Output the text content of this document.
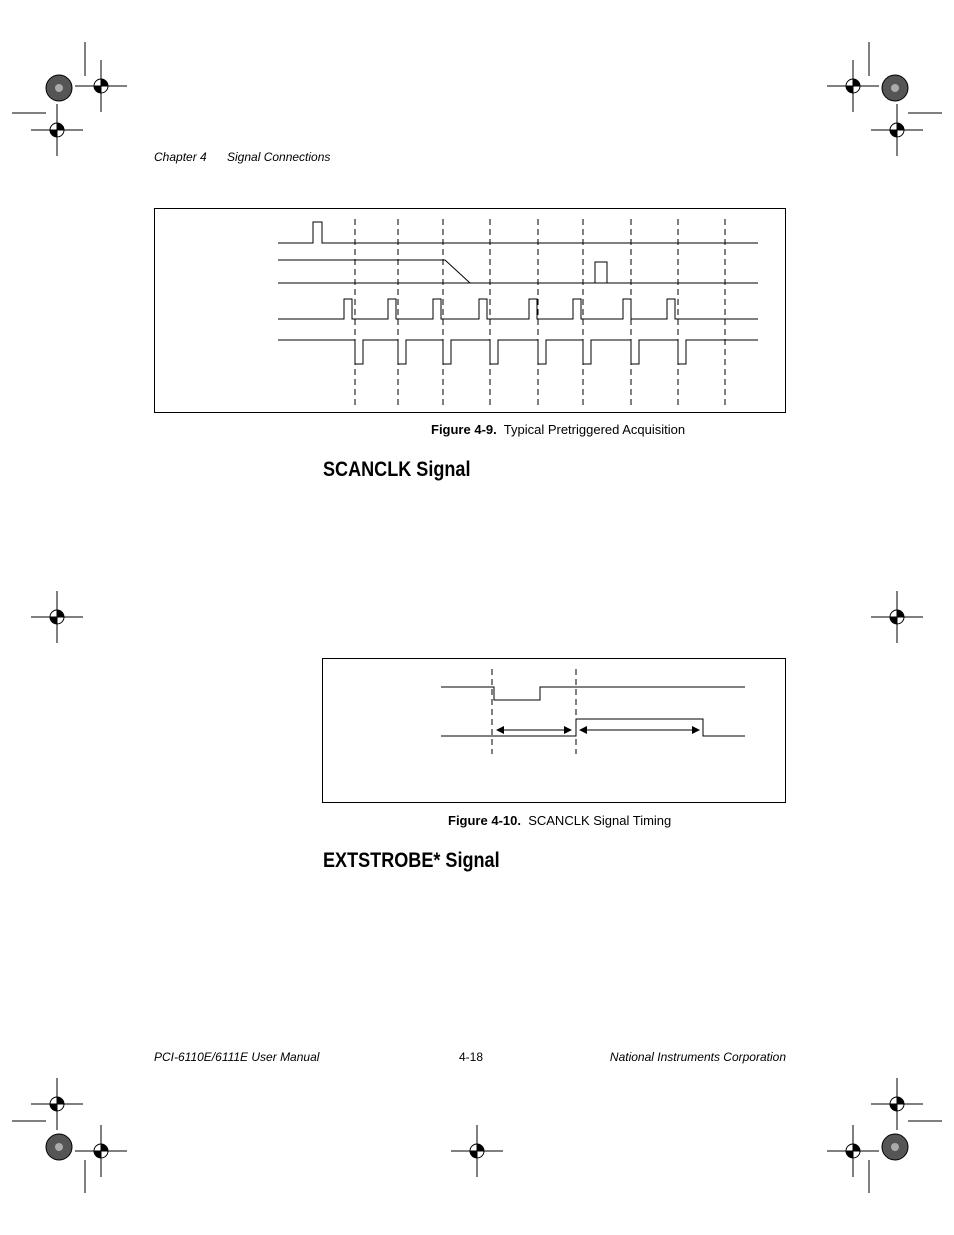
Chapter 4 Signal Connections
Figure 4-9. Typical Pretriggered Acquisition
SCANCLK Signal
Figure 4-10. SCANCLK Signal Timing
EXTSTROBE* Signal
PCI-6110E/6111E User Manual	4-18	National Instruments Corporation
